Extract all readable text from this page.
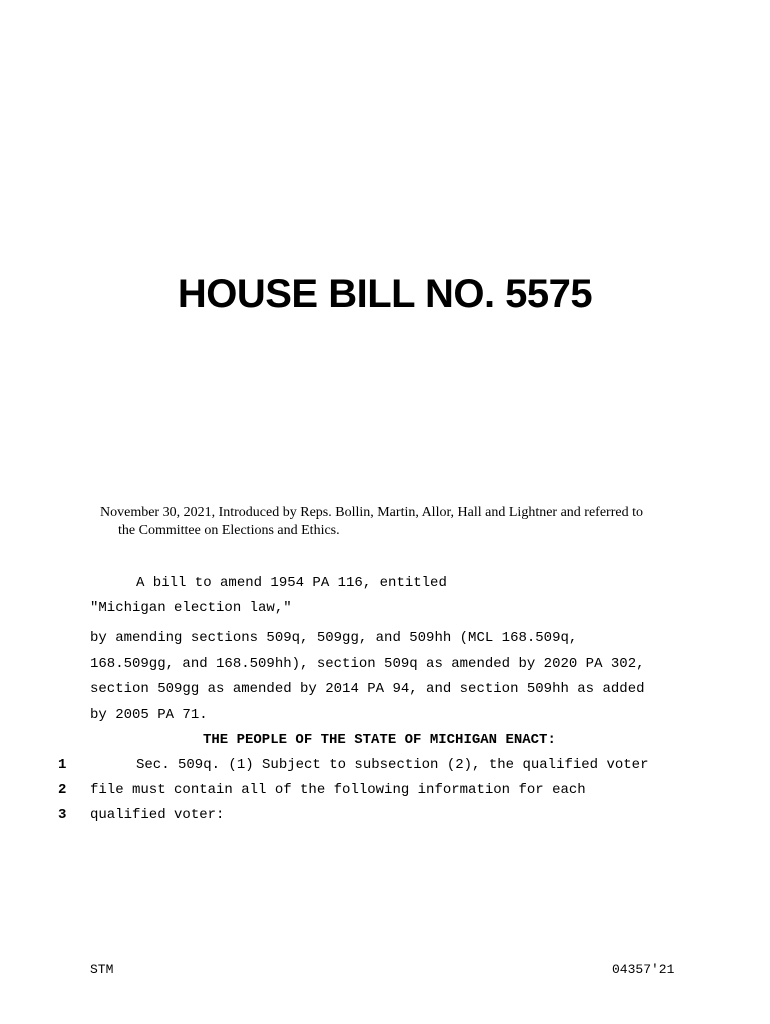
HOUSE BILL NO. 5575
November 30, 2021, Introduced by Reps. Bollin, Martin, Allor, Hall and Lightner and referred to
the Committee on Elections and Ethics.
A bill to amend 1954 PA 116, entitled
"Michigan election law,"
by amending sections 509q, 509gg, and 509hh (MCL 168.509q,
168.509gg, and 168.509hh), section 509q as amended by 2020 PA 302,
section 509gg as amended by 2014 PA 94, and section 509hh as added
by 2005 PA 71.
THE PEOPLE OF THE STATE OF MICHIGAN ENACT:
1	Sec. 509q. (1) Subject to subsection (2), the qualified voter
2 file must contain all of the following information for each
3 qualified voter:
STM	04357'21
